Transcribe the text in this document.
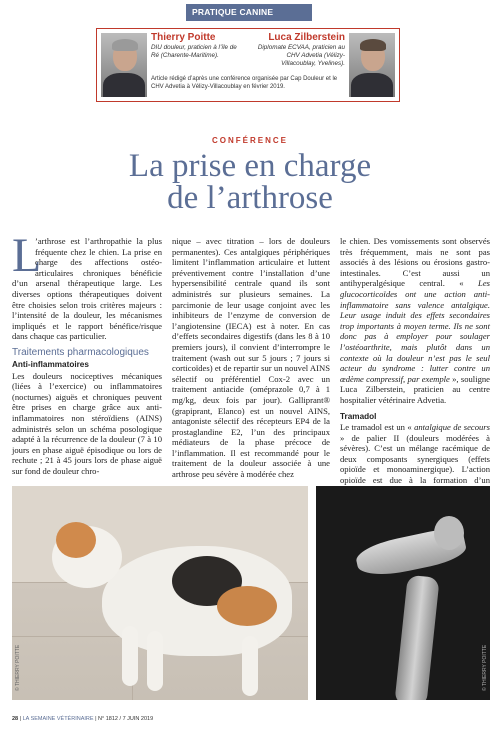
PRATIQUE CANINE
Thierry Poitte
DIU douleur, praticien à l’île de Ré (Charente-Maritime).
Luca Zilberstein
Diplomate ECVAA, praticien au CHV Advetia (Vélizy-Villacoublay, Yvelines).
Article rédigé d’après une conférence organisée par Cap Douleur et le CHV Advetia à Vélizy-Villacoublay en février 2019.
CONFÉRENCE
La prise en charge
de l’arthrose
L
’arthrose est l’arthropathie la plus fréquente chez le chien. La prise en charge des affections ostéo-articulaires chroniques bénéficie d’un arsenal thérapeutique large. Les diverses options thérapeutiques doivent être choisies selon trois critères majeurs : l’intensité de la douleur, les mécanismes impliqués et le rapport bénéfice/risque dans chaque cas particulier.
Traitements pharmacologiques
Anti-inflammatoires
Les douleurs nociceptives mécaniques (liées à l’exercice) ou inflammatoires (nocturnes) aiguës et chroniques peuvent être prises en charge grâce aux anti-inflammatoires non stéroïdiens (AINS) administrés selon un schéma posologique adapté à la récurrence de la douleur (7 à 10 jours en phase aiguë épisodique ou lors de rechute ; 21 à 45 jours lors de phase aiguë sur fond de douleur chro-
nique – avec titration – lors de douleurs permanentes). Ces antalgiques périphériques limitent l’inflammation articulaire et luttent préventivement contre l’installation d’une hypersensibilité centrale quand ils sont administrés sur plusieurs semaines. La parcimonie de leur usage conjoint avec les inhibiteurs de l’enzyme de conversion de l’angiotensine (IECA) est à noter. En cas d’effets secondaires digestifs (dans les 8 à 10 premiers jours), il convient d’interrompre le traitement (wash out sur 5 jours ; 7 jours si corticoïdes) et de repartir sur un nouvel AINS sélectif ou préférentiel Cox-2 avec un traitement antiacide (oméprazole 0,7 à 1 mg/kg, deux fois par jour). Galliprant® (grapiprant, Elanco) est un nouvel AINS, antagoniste sélectif des récepteurs EP4 de la prostaglandine E2, l’un des principaux médiateurs de la phase précoce de l’inflammation. Il est recommandé pour le traitement de la douleur associée à une arthrose peu sévère à modérée chez
le chien. Des vomissements sont observés très fréquemment, mais ne sont pas associés à des lésions ou érosions gastro-intestinales. C’est aussi un antihyperalgésique central. « Les glucocorticoïdes ont une action anti-inflammatoire sans valence antalgique. Leur usage induit des effets secondaires trop importants à moyen terme. Ils ne sont donc pas à employer pour soulager l’ostéoarthrite, mais plutôt dans un contexte où la douleur n’est pas le seul acteur du syndrome : lutter contre un œdème compressif, par exemple », souligne Luca Zilberstein, praticien au centre hospitalier vétérinaire Advetia.
Tramadol
Le tramadol est un « antalgique de secours » de palier II (douleurs modérées à sévères). C’est un mélange racémique de deux composants synergiques (effets opioïde et monoaminergique). L’action opioïde est due à la formation d’un
© THIERRY POITTE	© THIERRY POITTE
28 | LA SEMAINE VÉTÉRINAIRE | N° 1812 / 7 JUIN 2019
